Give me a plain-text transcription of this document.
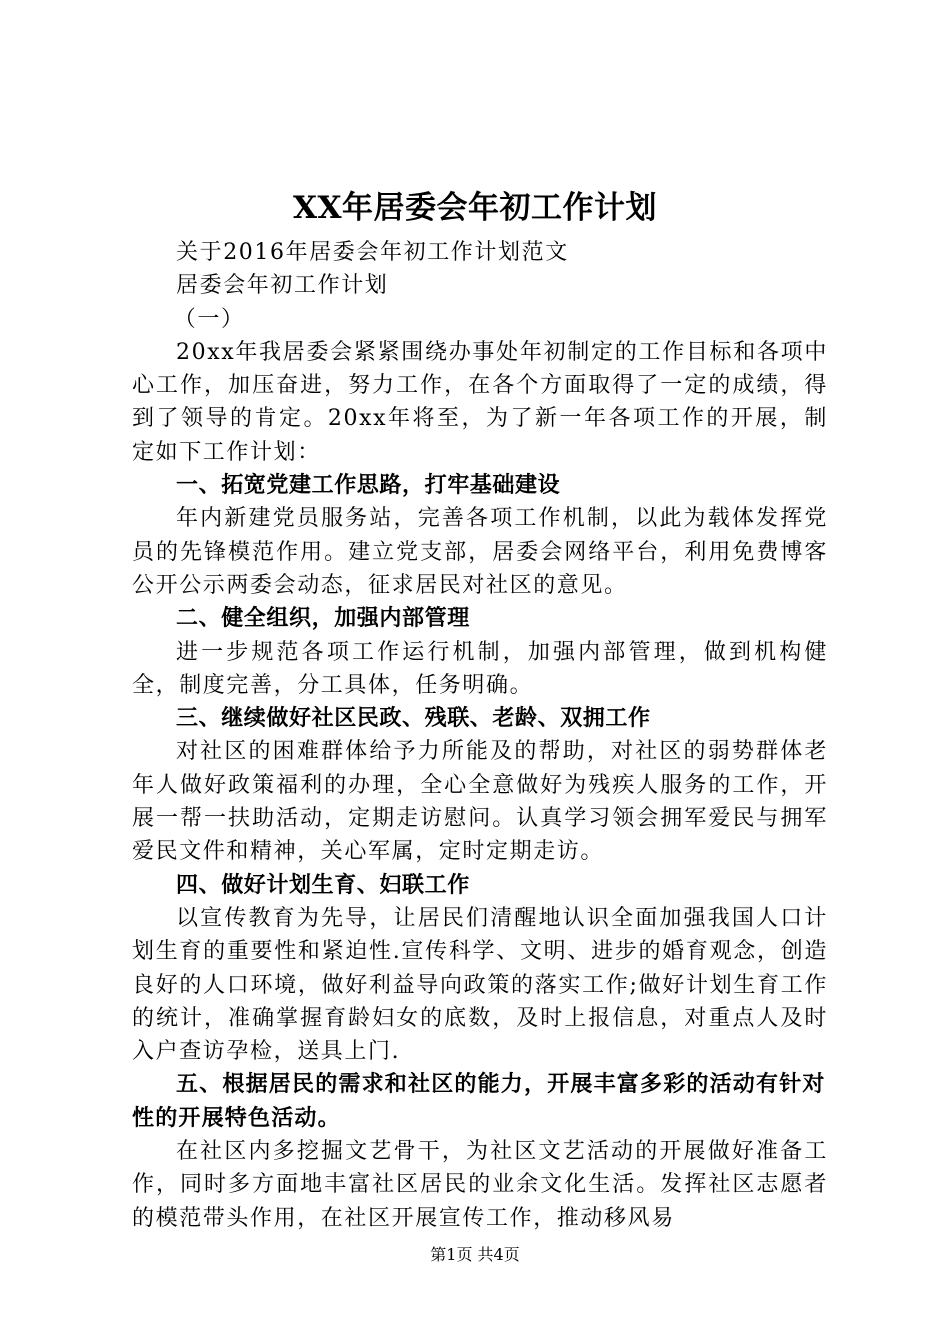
XX年居委会年初工作计划

关于2016年居委会年初工作计划范文

居委会年初工作计划

（一）

20xx年我居委会紧紧围绕办事处年初制定的工作目标和各项中心工作，加压奋进，努力工作，在各个方面取得了一定的成绩，得到了领导的肯定。20xx年将至，为了新一年各项工作的开展，制定如下工作计划：

一、拓宽党建工作思路，打牢基础建设

年内新建党员服务站，完善各项工作机制，以此为载体发挥党员的先锋模范作用。建立党支部，居委会网络平台，利用免费博客公开公示两委会动态，征求居民对社区的意见。

二、健全组织，加强内部管理

进一步规范各项工作运行机制，加强内部管理，做到机构健全，制度完善，分工具体，任务明确。

三、继续做好社区民政、残联、老龄、双拥工作

对社区的困难群体给予力所能及的帮助，对社区的弱势群体老年人做好政策福利的办理，全心全意做好为残疾人服务的工作，开展一帮一扶助活动，定期走访慰问。认真学习领会拥军爱民与拥军爱民文件和精神，关心军属，定时定期走访。

四、做好计划生育、妇联工作

以宣传教育为先导，让居民们清醒地认识全面加强我国人口计划生育的重要性和紧迫性.宣传科学、文明、进步的婚育观念，创造良好的人口环境，做好利益导向政策的落实工作;做好计划生育工作的统计，准确掌握育龄妇女的底数，及时上报信息，对重点人及时入户查访孕检，送具上门.

五、根据居民的需求和社区的能力，开展丰富多彩的活动有针对性的开展特色活动。

在社区内多挖掘文艺骨干，为社区文艺活动的开展做好准备工作，同时多方面地丰富社区居民的业余文化生活。发挥社区志愿者的模范带头作用，在社区开展宣传工作，推动移风易

第1页 共4页
